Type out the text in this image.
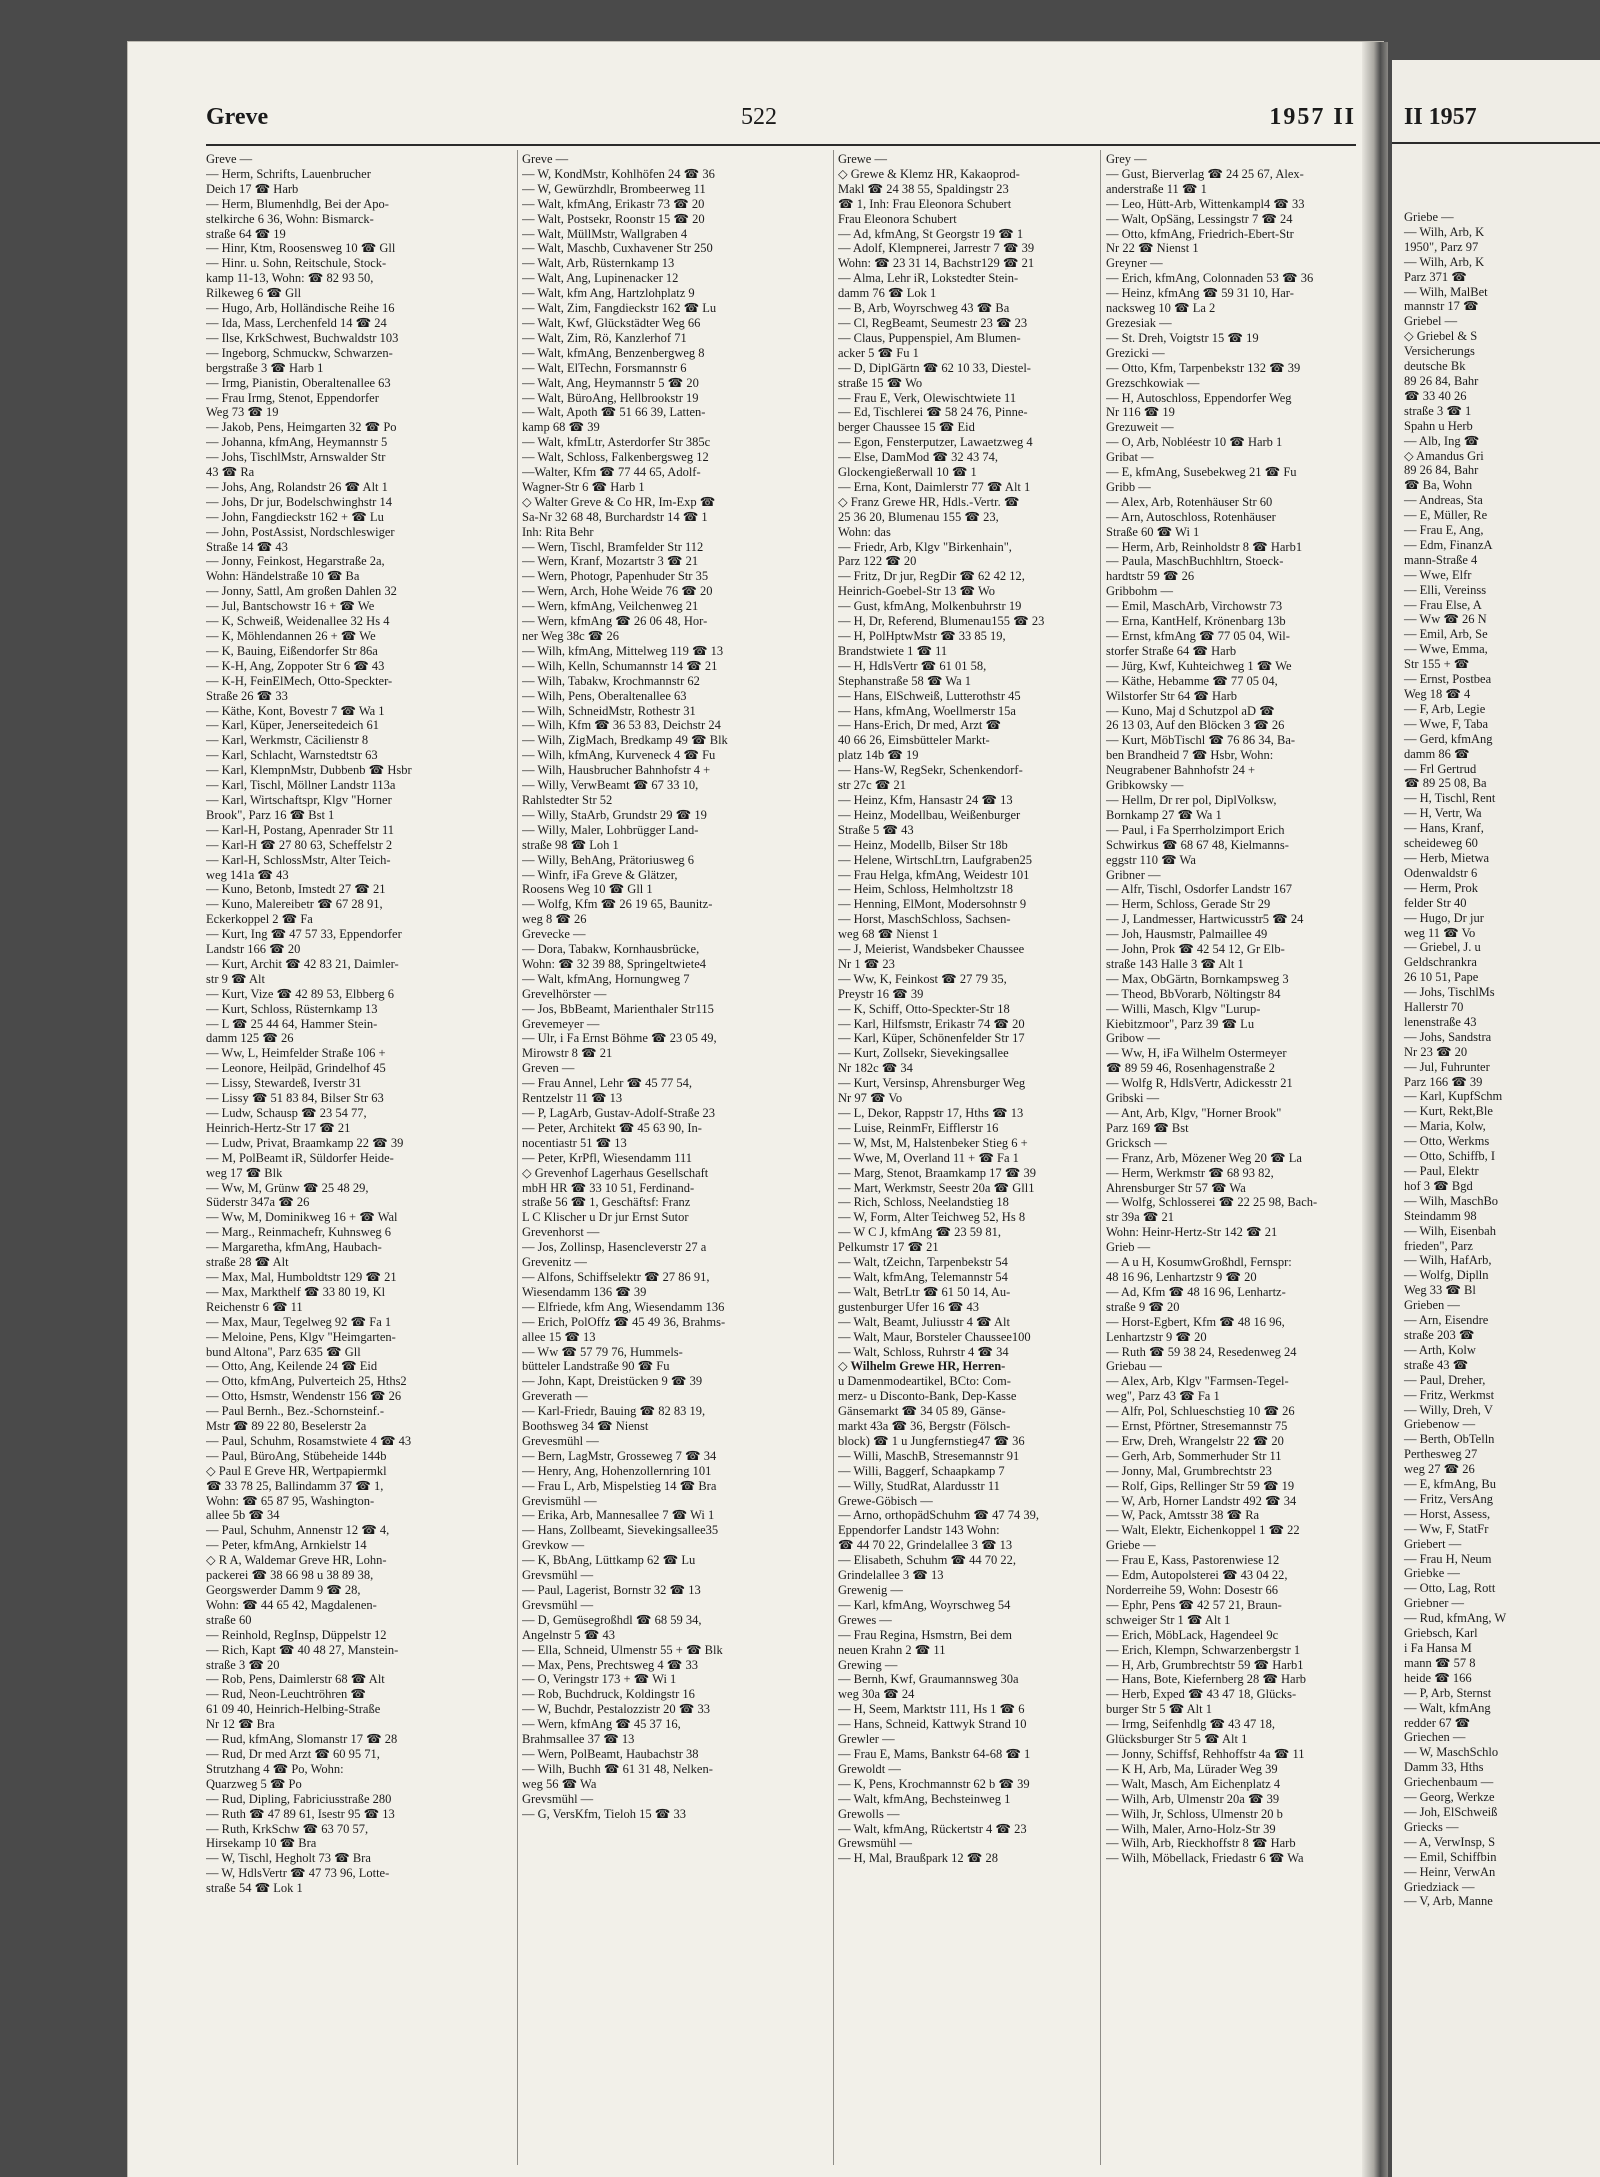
II 1957
Griebe —
— Wilh, Arb, K
1950", Parz 97
— Wilh, Arb, K
Parz 371 ☎
— Wilh, MalBet
mannstr 17 ☎
Griebel —
◇ Griebel & S
Versicherungs
deutsche Bk
89 26 84, Bahr
☎ 33 40 26
straße 3 ☎ 1
Spahn u Herb
— Alb, Ing ☎
◇ Amandus Gri
89 26 84, Bahr
☎ Ba, Wohn
— Andreas, Sta
— E, Müller, Re
— Frau E, Ang,
— Edm, FinanzA
mann-Straße 4
— Wwe, Elfr
— Elli, Vereinss
— Frau Else, A
— Ww ☎ 26 N
— Emil, Arb, Se
— Wwe, Emma,
Str 155 + ☎
— Ernst, Postbea
Weg 18 ☎ 4
— F, Arb, Legie
— Wwe, F, Taba
— Gerd, kfmAng
damm 86 ☎
— Frl Gertrud
☎ 89 25 08, Ba
— H, Tischl, Rent
— H, Vertr, Wa
— Hans, Kranf,
scheideweg 60
— Herb, Mietwa
Odenwaldstr 6
— Herm, Prok
felder Str 40
— Hugo, Dr jur
weg 11 ☎ Vo
— Griebel, J. u
Geldschrankra
26 10 51, Pape
— Johs, TischlMs
Hallerstr 70
lenenstraße 43
— Johs, Sandstra
Nr 23 ☎ 20
— Jul, Fuhrunter
Parz 166 ☎ 39
— Karl, KupfSchm
— Kurt, Rekt,Ble
— Maria, Kolw,
— Otto, Werkms
— Otto, Schiffb, I
— Paul, Elektr
hof 3 ☎ Bgd
— Wilh, MaschBo
Steindamm 98
— Wilh, Eisenbah
frieden", Parz
— Wilh, HafArb,
— Wolfg, Diplln
Weg 33 ☎ Bl
Grieben —
— Arn, Eisendre
straße 203 ☎
— Arth, Kolw
straße 43 ☎
— Paul, Dreher,
— Fritz, Werkmst
— Willy, Dreh, V
Griebenow —
— Berth, ObTelln
Perthesweg 27
weg 27 ☎ 26
— E, kfmAng, Bu
— Fritz, VersAng
— Horst, Assess,
— Ww, F, StatFr
Griebert —
— Frau H, Neum
Griebke —
— Otto, Lag, Rott
Griebner —
— Rud, kfmAng, W
Griebsch, Karl
i Fa Hansa M
mann ☎ 57 8
heide ☎ 166
— P, Arb, Sternst
— Walt, kfmAng
redder 67 ☎
Griechen —
— W, MaschSchlo
Damm 33, Hths
Griechenbaum —
— Georg, Werkze
— Joh, ElSchweiß
Griecks —
— A, VerwInsp, S
— Emil, Schiffbin
— Heinr, VerwAn
Griedziack —
— V, Arb, Manne
Greve	522	1957 II
Greve —
— Herm, Schrifts, Lauenbrucher
Deich 17 ☎ Harb
— Herm, Blumenhdlg, Bei der Apo-
stelkirche 6 36, Wohn: Bismarck-
straße 64 ☎ 19
— Hinr, Ktm, Roosensweg 10 ☎ Gll
— Hinr. u. Sohn, Reitschule, Stock-
kamp 11-13, Wohn: ☎ 82 93 50,
Rilkeweg 6 ☎ Gll
— Hugo, Arb, Holländische Reihe 16
— Ida, Mass, Lerchenfeld 14 ☎ 24
— Ilse, KrkSchwest, Buchwaldstr 103
— Ingeborg, Schmuckw, Schwarzen-
bergstraße 3 ☎ Harb 1
— Irmg, Pianistin, Oberaltenallee 63
— Frau Irmg, Stenot, Eppendorfer
Weg 73 ☎ 19
— Jakob, Pens, Heimgarten 32 ☎ Po
— Johanna, kfmAng, Heymannstr 5
— Johs, TischlMstr, Arnswalder Str
43 ☎ Ra
— Johs, Ang, Rolandstr 26 ☎ Alt 1
— Johs, Dr jur, Bodelschwinghstr 14
— John, Fangdieckstr 162 + ☎ Lu
— John, PostAssist, Nordschleswiger
Straße 14 ☎ 43
— Jonny, Feinkost, Hegarstraße 2a,
Wohn: Händelstraße 10 ☎ Ba
— Jonny, Sattl, Am großen Dahlen 32
— Jul, Bantschowstr 16 + ☎ We
— K, Schweiß, Weidenallee 32 Hs 4
— K, Möhlendannen 26 + ☎ We
— K, Bauing, Eißendorfer Str 86a
— K-H, Ang, Zoppoter Str 6 ☎ 43
— K-H, FeinElMech, Otto-Speckter-
Straße 26 ☎ 33
— Käthe, Kont, Bovestr 7 ☎ Wa 1
— Karl, Küper, Jenerseitedeich 61
— Karl, Werkmstr, Cäcilienstr 8
— Karl, Schlacht, Warnstedtstr 63
— Karl, KlempnMstr, Dubbenb ☎ Hsbr
— Karl, Tischl, Möllner Landstr 113a
— Karl, Wirtschaftspr, Klgv "Horner
Brook", Parz 16 ☎ Bst 1
— Karl-H, Postang, Apenrader Str 11
— Karl-H ☎ 27 80 63, Scheffelstr 2
— Karl-H, SchlossMstr, Alter Teich-
weg 141a ☎ 43
— Kuno, Betonb, Imstedt 27 ☎ 21
— Kuno, Malereibetr ☎ 67 28 91,
Eckerkoppel 2 ☎ Fa
— Kurt, Ing ☎ 47 57 33, Eppendorfer
Landstr 166 ☎ 20
— Kurt, Archit ☎ 42 83 21, Daimler-
str 9 ☎ Alt
— Kurt, Vize ☎ 42 89 53, Elbberg 6
— Kurt, Schloss, Rüsternkamp 13
— L ☎ 25 44 64, Hammer Stein-
damm 125 ☎ 26
— Ww, L, Heimfelder Straße 106 +
— Leonore, Heilpäd, Grindelhof 45
— Lissy, Stewardeß, Iverstr 31
— Lissy ☎ 51 83 84, Bilser Str 63
— Ludw, Schausp ☎ 23 54 77,
Heinrich-Hertz-Str 17 ☎ 21
— Ludw, Privat, Braamkamp 22 ☎ 39
— M, PolBeamt iR, Süldorfer Heide-
weg 17 ☎ Blk
— Ww, M, Grünw ☎ 25 48 29,
Süderstr 347a ☎ 26
— Ww, M, Dominikweg 16 + ☎ Wal
— Marg., Reinmachefr, Kuhnsweg 6
— Margaretha, kfmAng, Haubach-
straße 28 ☎ Alt
— Max, Mal, Humboldtstr 129 ☎ 21
— Max, Markthelf ☎ 33 80 19, Kl
Reichenstr 6 ☎ 11
— Max, Maur, Tegelweg 92 ☎ Fa 1
— Meloine, Pens, Klgv "Heimgarten-
bund Altona", Parz 635 ☎ Gll
— Otto, Ang, Keilende 24 ☎ Eid
— Otto, kfmAng, Pulverteich 25, Hths2
— Otto, Hsmstr, Wendenstr 156 ☎ 26
— Paul Bernh., Bez.-Schornsteinf.-
Mstr ☎ 89 22 80, Beselerstr 2a
— Paul, Schuhm, Rosamstwiete 4 ☎ 43
— Paul, BüroAng, Stübeheide 144b
◇ Paul E Greve HR, Wertpapiermkl
☎ 33 78 25, Ballindamm 37 ☎ 1,
Wohn: ☎ 65 87 95, Washington-
allee 5b ☎ 34
— Paul, Schuhm, Annenstr 12 ☎ 4,
— Peter, kfmAng, Arnkielstr 14
◇ R A, Waldemar Greve HR, Lohn-
packerei ☎ 38 66 98 u 38 89 38,
Georgswerder Damm 9 ☎ 28,
Wohn: ☎ 44 65 42, Magdalenen-
straße 60
— Reinhold, RegInsp, Düppelstr 12
— Rich, Kapt ☎ 40 48 27, Manstein-
straße 3 ☎ 20
— Rob, Pens, Daimlerstr 68 ☎ Alt
— Rud, Neon-Leuchtröhren ☎
61 09 40, Heinrich-Helbing-Straße
Nr 12 ☎ Bra
— Rud, kfmAng, Slomanstr 17 ☎ 28
— Rud, Dr med Arzt ☎ 60 95 71,
Strutzhang 4 ☎ Po, Wohn:
Quarzweg 5 ☎ Po
— Rud, Dipling, Fabriciusstraße 280
— Ruth ☎ 47 89 61, Isestr 95 ☎ 13
— Ruth, KrkSchw ☎ 63 70 57,
Hirsekamp 10 ☎ Bra
— W, Tischl, Hegholt 73 ☎ Bra
— W, HdlsVertr ☎ 47 73 96, Lotte-
straße 54 ☎ Lok 1
Greve —
— W, KondMstr, Kohlhöfen 24 ☎ 36
— W, Gewürzhdlr, Brombeerweg 11
— Walt, kfmAng, Erikastr 73 ☎ 20
— Walt, Postsekr, Roonstr 15 ☎ 20
— Walt, MüllMstr, Wallgraben 4
— Walt, Maschb, Cuxhavener Str 250
— Walt, Arb, Rüsternkamp 13
— Walt, Ang, Lupinenacker 12
— Walt, kfm Ang, Hartzlohplatz 9
— Walt, Zim, Fangdieckstr 162 ☎ Lu
— Walt, Kwf, Glückstädter Weg 66
— Walt, Zim, Rö, Kanzlerhof 71
— Walt, kfmAng, Benzenbergweg 8
— Walt, ElTechn, Forsmannstr 6
— Walt, Ang, Heymannstr 5 ☎ 20
— Walt, BüroAng, Hellbrookstr 19
— Walt, Apoth ☎ 51 66 39, Latten-
kamp 68 ☎ 39
— Walt, kfmLtr, Asterdorfer Str 385c
— Walt, Schloss, Falkenbergsweg 12
—Walter, Kfm ☎ 77 44 65, Adolf-
Wagner-Str 6 ☎ Harb 1
◇ Walter Greve & Co HR, Im-Exp ☎
Sa-Nr 32 68 48, Burchardstr 14 ☎ 1
Inh: Rita Behr
— Wern, Tischl, Bramfelder Str 112
— Wern, Kranf, Mozartstr 3 ☎ 21
— Wern, Photogr, Papenhuder Str 35
— Wern, Arch, Hohe Weide 76 ☎ 20
— Wern, kfmAng, Veilchenweg 21
— Wern, kfmAng ☎ 26 06 48, Hor-
ner Weg 38c ☎ 26
— Wilh, kfmAng, Mittelweg 119 ☎ 13
— Wilh, Kelln, Schumannstr 14 ☎ 21
— Wilh, Tabakw, Krochmannstr 62
— Wilh, Pens, Oberaltenallee 63
— Wilh, SchneidMstr, Rothestr 31
— Wilh, Kfm ☎ 36 53 83, Deichstr 24
— Wilh, ZigMach, Bredkamp 49 ☎ Blk
— Wilh, kfmAng, Kurveneck 4 ☎ Fu
— Wilh, Hausbrucher Bahnhofstr 4 +
— Willy, VerwBeamt ☎ 67 33 10,
Rahlstedter Str 52
— Willy, StaArb, Grundstr 29 ☎ 19
— Willy, Maler, Lohbrügger Land-
straße 98 ☎ Loh 1
— Willy, BehAng, Prätoriusweg 6
— Winfr, iFa Greve & Glätzer,
Roosens Weg 10 ☎ Gll 1
— Wolfg, Kfm ☎ 26 19 65, Baunitz-
weg 8 ☎ 26
Grevecke —
— Dora, Tabakw, Kornhausbrücke,
Wohn: ☎ 32 39 88, Springeltwiete4
— Walt, kfmAng, Hornungweg 7
Grevelhörster —
— Jos, BbBeamt, Marienthaler Str115
Grevemeyer —
— Ulr, i Fa Ernst Böhme ☎ 23 05 49,
Mirowstr 8 ☎ 21
Greven —
— Frau Annel, Lehr ☎ 45 77 54,
Rentzelstr 11 ☎ 13
— P, LagArb, Gustav-Adolf-Straße 23
— Peter, Architekt ☎ 45 63 90, In-
nocentiastr 51 ☎ 13
— Peter, KrPfl, Wiesendamm 111
◇ Grevenhof Lagerhaus Gesellschaft
mbH HR ☎ 33 10 51, Ferdinand-
straße 56 ☎ 1, Geschäftsf: Franz
L C Klischer u Dr jur Ernst Sutor
Grevenhorst —
— Jos, Zollinsp, Hasencleverstr 27 a
Grevenitz —
— Alfons, Schiffselektr ☎ 27 86 91,
Wiesendamm 136 ☎ 39
— Elfriede, kfm Ang, Wiesendamm 136
— Erich, PolOffz ☎ 45 49 36, Brahms-
allee 15 ☎ 13
— Ww ☎ 57 79 76, Hummels-
bütteler Landstraße 90 ☎ Fu
— John, Kapt, Dreistücken 9 ☎ 39
Greverath —
— Karl-Friedr, Bauing ☎ 82 83 19,
Boothsweg 34 ☎ Nienst
Grevesmühl —
— Bern, LagMstr, Grosseweg 7 ☎ 34
— Henry, Ang, Hohenzollernring 101
— Frau L, Arb, Mispelstieg 14 ☎ Bra
Grevismühl —
— Erika, Arb, Mannesallee 7 ☎ Wi 1
— Hans, Zollbeamt, Sievekingsallee35
Grevkow —
— K, BbAng, Lüttkamp 62 ☎ Lu
Grevsmühl —
— Paul, Lagerist, Bornstr 32 ☎ 13
Grevsmühl —
— D, Gemüsegroßhdl ☎ 68 59 34,
Angelnstr 5 ☎ 43
— Ella, Schneid, Ulmenstr 55 + ☎ Blk
— Max, Pens, Prechtsweg 4 ☎ 33
— O, Veringstr 173 + ☎ Wi 1
— Rob, Buchdruck, Koldingstr 16
— W, Buchdr, Pestalozzistr 20 ☎ 33
— Wern, kfmAng ☎ 45 37 16,
Brahmsallee 37 ☎ 13
— Wern, PolBeamt, Haubachstr 38
— Wilh, Buchh ☎ 61 31 48, Nelken-
weg 56 ☎ Wa
Grevsmühl —
— G, VersKfm, Tieloh 15 ☎ 33
Grewe —
◇ Grewe & Klemz HR, Kakaoprod-
Makl ☎ 24 38 55, Spaldingstr 23
☎ 1, Inh: Frau Eleonora Schubert
Frau Eleonora Schubert
— Ad, kfmAng, St Georgstr 19 ☎ 1
— Adolf, Klempnerei, Jarrestr 7 ☎ 39
Wohn: ☎ 23 31 14, Bachstr129 ☎ 21
— Alma, Lehr iR, Lokstedter Stein-
damm 76 ☎ Lok 1
— B, Arb, Woyrschweg 43 ☎ Ba
— Cl, RegBeamt, Seumestr 23 ☎ 23
— Claus, Puppenspiel, Am Blumen-
acker 5 ☎ Fu 1
— D, DiplGärtn ☎ 62 10 33, Diestel-
straße 15 ☎ Wo
— Frau E, Verk, Olewischtwiete 11
— Ed, Tischlerei ☎ 58 24 76, Pinne-
berger Chaussee 15 ☎ Eid
— Egon, Fensterputzer, Lawaetzweg 4
— Else, DamMod ☎ 32 43 74,
Glockengießerwall 10 ☎ 1
— Erna, Kont, Daimlerstr 77 ☎ Alt 1
◇ Franz Grewe HR, Hdls.-Vertr. ☎
25 36 20, Blumenau 155 ☎ 23,
Wohn: das
— Friedr, Arb, Klgv "Birkenhain",
Parz 122 ☎ 20
— Fritz, Dr jur, RegDir ☎ 62 42 12,
Heinrich-Goebel-Str 13 ☎ Wo
— Gust, kfmAng, Molkenbuhrstr 19
— H, Dr, Referend, Blumenau155 ☎ 23
— H, PolHptwMstr ☎ 33 85 19,
Brandstwiete 1 ☎ 11
— H, HdlsVertr ☎ 61 01 58,
Stephanstraße 58 ☎ Wa 1
— Hans, ElSchweiß, Lutterothstr 45
— Hans, kfmAng, Woellmerstr 15a
— Hans-Erich, Dr med, Arzt ☎
40 66 26, Eimsbütteler Markt-
platz 14b ☎ 19
— Hans-W, RegSekr, Schenkendorf-
str 27c ☎ 21
— Heinz, Kfm, Hansastr 24 ☎ 13
— Heinz, Modellbau, Weißenburger
Straße 5 ☎ 43
— Heinz, Modellb, Bilser Str 18b
— Helene, WirtschLtrn, Laufgraben25
— Frau Helga, kfmAng, Weidestr 101
— Heim, Schloss, Helmholtzstr 18
— Henning, ElMont, Modersohnstr 9
— Horst, MaschSchloss, Sachsen-
weg 68 ☎ Nienst 1
— J, Meierist, Wandsbeker Chaussee
Nr 1 ☎ 23
— Ww, K, Feinkost ☎ 27 79 35,
Preystr 16 ☎ 39
— K, Schiff, Otto-Speckter-Str 18
— Karl, Hilfsmstr, Erikastr 74 ☎ 20
— Karl, Küper, Schönenfelder Str 17
— Kurt, Zollsekr, Sievekingsallee
Nr 182c ☎ 34
— Kurt, Versinsp, Ahrensburger Weg
Nr 97 ☎ Vo
— L, Dekor, Rappstr 17, Hths ☎ 13
— Luise, ReinmFr, Eifflerstr 16
— W, Mst, M, Halstenbeker Stieg 6 +
— Wwe, M, Overland 11 + ☎ Fa 1
— Marg, Stenot, Braamkamp 17 ☎ 39
— Mart, Werkmstr, Seestr 20a ☎ Gll1
— Rich, Schloss, Neelandstieg 18
— W, Form, Alter Teichweg 52, Hs 8
— W C J, kfmAng ☎ 23 59 81,
Pelkumstr 17 ☎ 21
— Walt, tZeichn, Tarpenbekstr 54
— Walt, kfmAng, Telemannstr 54
— Walt, BetrLtr ☎ 61 50 14, Au-
gustenburger Ufer 16 ☎ 43
— Walt, Beamt, Juliusstr 4 ☎ Alt
— Walt, Maur, Borsteler Chaussee100
— Walt, Schloss, Ruhrstr 4 ☎ 34
◇ Wilhelm Grewe HR, Herren-
u Damenmodeartikel, BCto: Com-
merz- u Disconto-Bank, Dep-Kasse
Gänsemarkt ☎ 34 05 89, Gänse-
markt 43a ☎ 36, Bergstr (Fölsch-
block) ☎ 1 u Jungfernstieg47 ☎ 36
— Willi, MaschB, Stresemannstr 91
— Willi, Baggerf, Schaapkamp 7
— Willy, StudRat, Alardusstr 11
Grewe-Göbisch —
— Arno, orthopädSchuhm ☎ 47 74 39,
Eppendorfer Landstr 143 Wohn:
☎ 44 70 22, Grindelallee 3 ☎ 13
— Elisabeth, Schuhm ☎ 44 70 22,
Grindelallee 3 ☎ 13
Grewenig —
— Karl, kfmAng, Woyrschweg 54
Grewes —
— Frau Regina, Hsmstrn, Bei dem
neuen Krahn 2 ☎ 11
Grewing —
— Bernh, Kwf, Graumannsweg 30a
weg 30a ☎ 24
— H, Seem, Marktstr 111, Hs 1 ☎ 6
— Hans, Schneid, Kattwyk Strand 10
Grewler —
— Frau E, Mams, Bankstr 64-68 ☎ 1
Grewoldt —
— K, Pens, Krochmannstr 62 b ☎ 39
— Walt, kfmAng, Bechsteinweg 1
Grewolls —
— Walt, kfmAng, Rückertstr 4 ☎ 23
Grewsmühl —
— H, Mal, Braußpark 12 ☎ 28
Grey —
— Gust, Bierverlag ☎ 24 25 67, Alex-
anderstraße 11 ☎ 1
— Leo, Hütt-Arb, Wittenkampl4 ☎ 33
— Walt, OpSäng, Lessingstr 7 ☎ 24
— Otto, kfmAng, Friedrich-Ebert-Str
Nr 22 ☎ Nienst 1
Greyner —
— Erich, kfmAng, Colonnaden 53 ☎ 36
— Heinz, kfmAng ☎ 59 31 10, Har-
nacksweg 10 ☎ La 2
Grezesiak —
— St. Dreh, Voigtstr 15 ☎ 19
Grezicki —
— Otto, Kfm, Tarpenbekstr 132 ☎ 39
Grezschkowiak —
— H, Autoschloss, Eppendorfer Weg
Nr 116 ☎ 19
Grezuweit —
— O, Arb, Nobléestr 10 ☎ Harb 1
Gribat —
— E, kfmAng, Susebekweg 21 ☎ Fu
Gribb —
— Alex, Arb, Rotenhäuser Str 60
— Arn, Autoschloss, Rotenhäuser
Straße 60 ☎ Wi 1
— Herm, Arb, Reinholdstr 8 ☎ Harb1
— Paula, MaschBuchhltrn, Stoeck-
hardtstr 59 ☎ 26
Gribbohm —
— Emil, MaschArb, Virchowstr 73
— Erna, KantHelf, Krönenbarg 13b
— Ernst, kfmAng ☎ 77 05 04, Wil-
storfer Straße 64 ☎ Harb
— Jürg, Kwf, Kuhteichweg 1 ☎ We
— Käthe, Hebamme ☎ 77 05 04,
Wilstorfer Str 64 ☎ Harb
— Kuno, Maj d Schutzpol aD ☎
26 13 03, Auf den Blöcken 3 ☎ 26
— Kurt, MöbTischl ☎ 76 86 34, Ba-
ben Brandheid 7 ☎ Hsbr, Wohn:
Neugrabener Bahnhofstr 24 +
Gribkowsky —
— Hellm, Dr rer pol, DiplVolksw,
Bornkamp 27 ☎ Wa 1
— Paul, i Fa Sperrholzimport Erich
Schwirkus ☎ 68 67 48, Kielmanns-
eggstr 110 ☎ Wa
Gribner —
— Alfr, Tischl, Osdorfer Landstr 167
— Herm, Schloss, Gerade Str 29
— J, Landmesser, Hartwicusstr5 ☎ 24
— Joh, Hausmstr, Palmaillee 49
— John, Prok ☎ 42 54 12, Gr Elb-
straße 143 Halle 3 ☎ Alt 1
— Max, ObGärtn, Bornkampsweg 3
— Theod, BbVorarb, Nöltingstr 84
— Willi, Masch, Klgv "Lurup-
Kiebitzmoor", Parz 39 ☎ Lu
Gribow —
— Ww, H, iFa Wilhelm Ostermeyer
☎ 89 59 46, Rosenhagenstraße 2
— Wolfg R, HdlsVertr, Adickesstr 21
Gribski —
— Ant, Arb, Klgv, "Horner Brook"
Parz 169 ☎ Bst
Gricksch —
— Franz, Arb, Mözener Weg 20 ☎ La
— Herm, Werkmstr ☎ 68 93 82,
Ahrensburger Str 57 ☎ Wa
— Wolfg, Schlosserei ☎ 22 25 98, Bach-
str 39a ☎ 21
Wohn: Heinr-Hertz-Str 142 ☎ 21
Grieb —
— A u H, KosumwGroßhdl, Fernspr:
48 16 96, Lenhartzstr 9 ☎ 20
— Ad, Kfm ☎ 48 16 96, Lenhartz-
straße 9 ☎ 20
— Horst-Egbert, Kfm ☎ 48 16 96,
Lenhartzstr 9 ☎ 20
— Ruth ☎ 59 38 24, Resedenweg 24
Griebau —
— Alex, Arb, Klgv "Farmsen-Tegel-
weg", Parz 43 ☎ Fa 1
— Alfr, Pol, Schlueschstieg 10 ☎ 26
— Ernst, Pförtner, Stresemannstr 75
— Erw, Dreh, Wrangelstr 22 ☎ 20
— Gerh, Arb, Sommerhuder Str 11
— Jonny, Mal, Grumbrechtstr 23
— Rolf, Gips, Rellinger Str 59 ☎ 19
— W, Arb, Horner Landstr 492 ☎ 34
— W, Pack, Amtsstr 38 ☎ Ra
— Walt, Elektr, Eichenkoppel 1 ☎ 22
Griebe —
— Frau E, Kass, Pastorenwiese 12
— Edm, Autopolsterei ☎ 43 04 22,
Norderreihe 59, Wohn: Dosestr 66
— Ephr, Pens ☎ 42 57 21, Braun-
schweiger Str 1 ☎ Alt 1
— Erich, MöbLack, Hagendeel 9c
— Erich, Klempn, Schwarzenbergstr 1
— H, Arb, Grumbrechtstr 59 ☎ Harb1
— Hans, Bote, Kiefernberg 28 ☎ Harb
— Herb, Exped ☎ 43 47 18, Glücks-
burger Str 5 ☎ Alt 1
— Irmg, Seifenhdlg ☎ 43 47 18,
Glücksburger Str 5 ☎ Alt 1
— Jonny, Schiffsf, Rehhoffstr 4a ☎ 11
— K H, Arb, Ma, Lürader Weg 39
— Walt, Masch, Am Eichenplatz 4
— Wilh, Arb, Ulmenstr 20a ☎ 39
— Wilh, Jr, Schloss, Ulmenstr 20 b
— Wilh, Maler, Arno-Holz-Str 39
— Wilh, Arb, Rieckhoffstr 8 ☎ Harb
— Wilh, Möbellack, Friedastr 6 ☎ Wa
